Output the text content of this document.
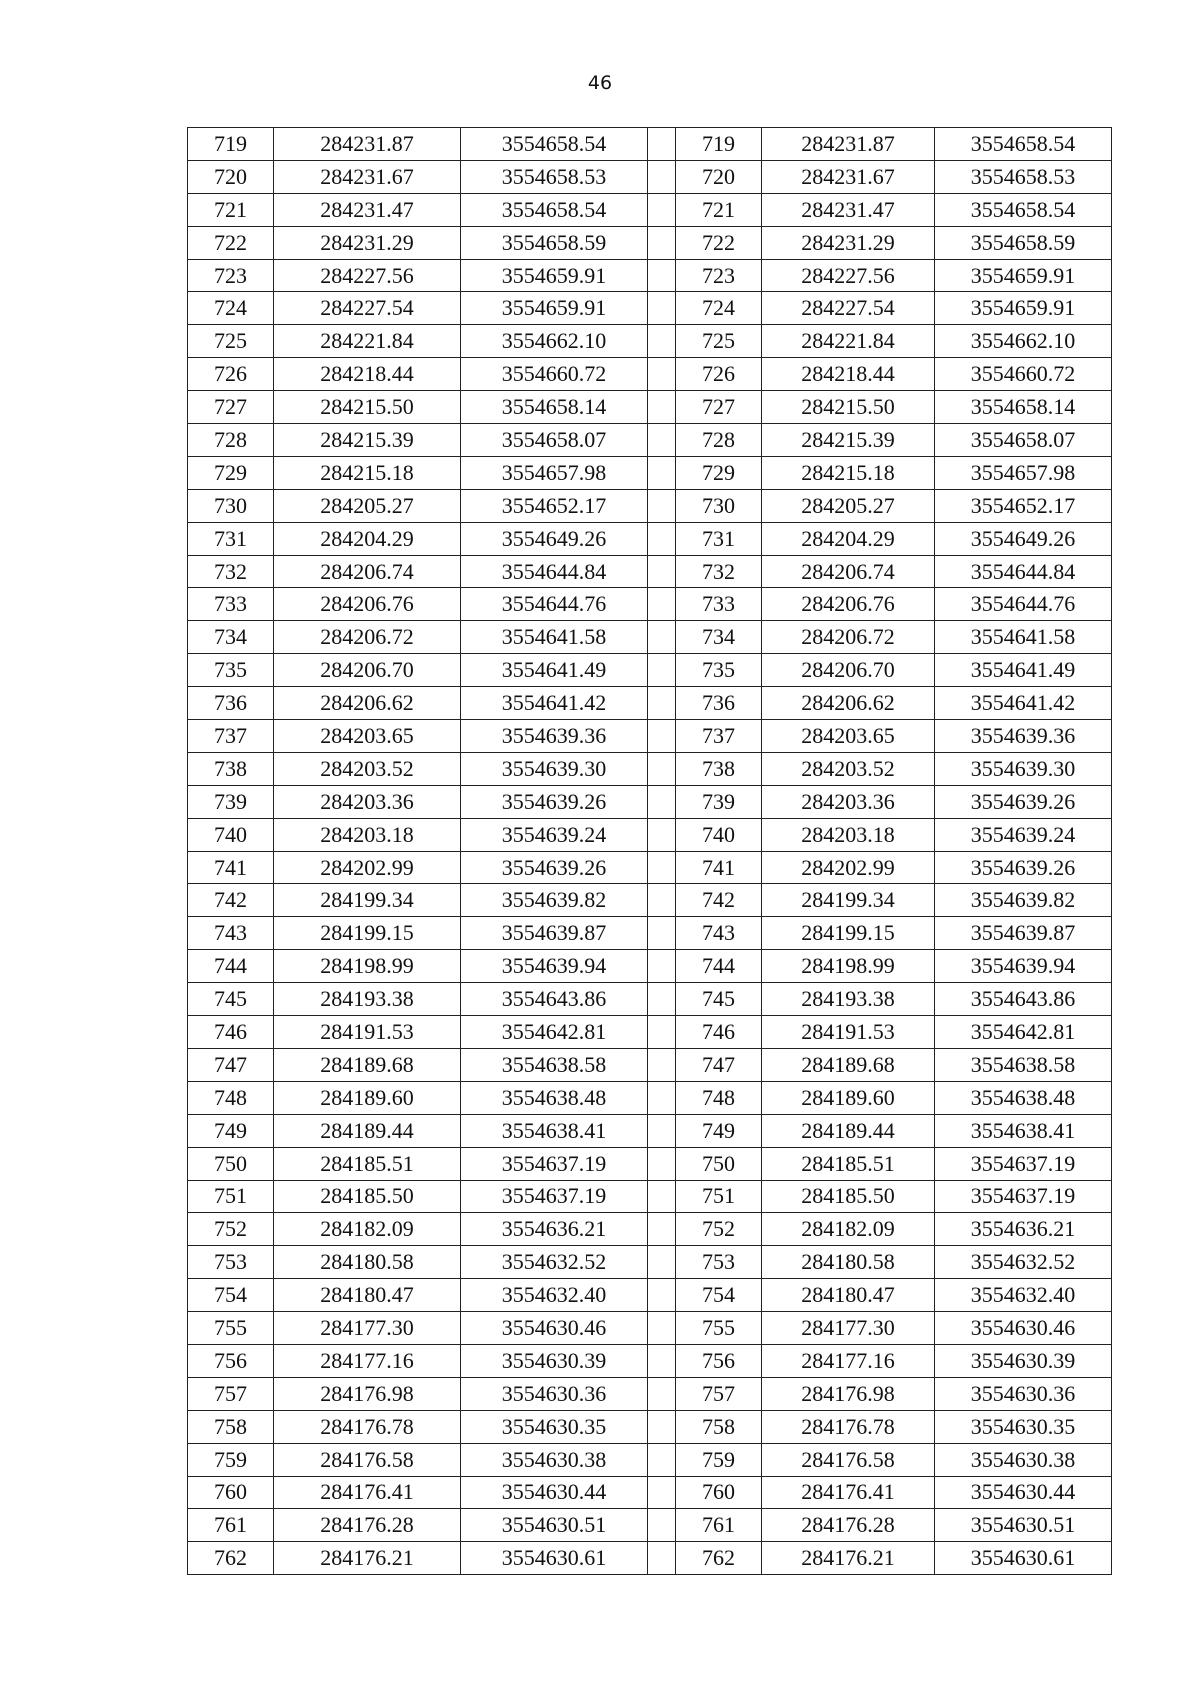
46
719	284231.87	3554658.54		719	284231.87	3554658.54
720	284231.67	3554658.53		720	284231.67	3554658.53
721	284231.47	3554658.54		721	284231.47	3554658.54
722	284231.29	3554658.59		722	284231.29	3554658.59
723	284227.56	3554659.91		723	284227.56	3554659.91
724	284227.54	3554659.91		724	284227.54	3554659.91
725	284221.84	3554662.10		725	284221.84	3554662.10
726	284218.44	3554660.72		726	284218.44	3554660.72
727	284215.50	3554658.14		727	284215.50	3554658.14
728	284215.39	3554658.07		728	284215.39	3554658.07
729	284215.18	3554657.98		729	284215.18	3554657.98
730	284205.27	3554652.17		730	284205.27	3554652.17
731	284204.29	3554649.26		731	284204.29	3554649.26
732	284206.74	3554644.84		732	284206.74	3554644.84
733	284206.76	3554644.76		733	284206.76	3554644.76
734	284206.72	3554641.58		734	284206.72	3554641.58
735	284206.70	3554641.49		735	284206.70	3554641.49
736	284206.62	3554641.42		736	284206.62	3554641.42
737	284203.65	3554639.36		737	284203.65	3554639.36
738	284203.52	3554639.30		738	284203.52	3554639.30
739	284203.36	3554639.26		739	284203.36	3554639.26
740	284203.18	3554639.24		740	284203.18	3554639.24
741	284202.99	3554639.26		741	284202.99	3554639.26
742	284199.34	3554639.82		742	284199.34	3554639.82
743	284199.15	3554639.87		743	284199.15	3554639.87
744	284198.99	3554639.94		744	284198.99	3554639.94
745	284193.38	3554643.86		745	284193.38	3554643.86
746	284191.53	3554642.81		746	284191.53	3554642.81
747	284189.68	3554638.58		747	284189.68	3554638.58
748	284189.60	3554638.48		748	284189.60	3554638.48
749	284189.44	3554638.41		749	284189.44	3554638.41
750	284185.51	3554637.19		750	284185.51	3554637.19
751	284185.50	3554637.19		751	284185.50	3554637.19
752	284182.09	3554636.21		752	284182.09	3554636.21
753	284180.58	3554632.52		753	284180.58	3554632.52
754	284180.47	3554632.40		754	284180.47	3554632.40
755	284177.30	3554630.46		755	284177.30	3554630.46
756	284177.16	3554630.39		756	284177.16	3554630.39
757	284176.98	3554630.36		757	284176.98	3554630.36
758	284176.78	3554630.35		758	284176.78	3554630.35
759	284176.58	3554630.38		759	284176.58	3554630.38
760	284176.41	3554630.44		760	284176.41	3554630.44
761	284176.28	3554630.51		761	284176.28	3554630.51
762	284176.21	3554630.61		762	284176.21	3554630.61
